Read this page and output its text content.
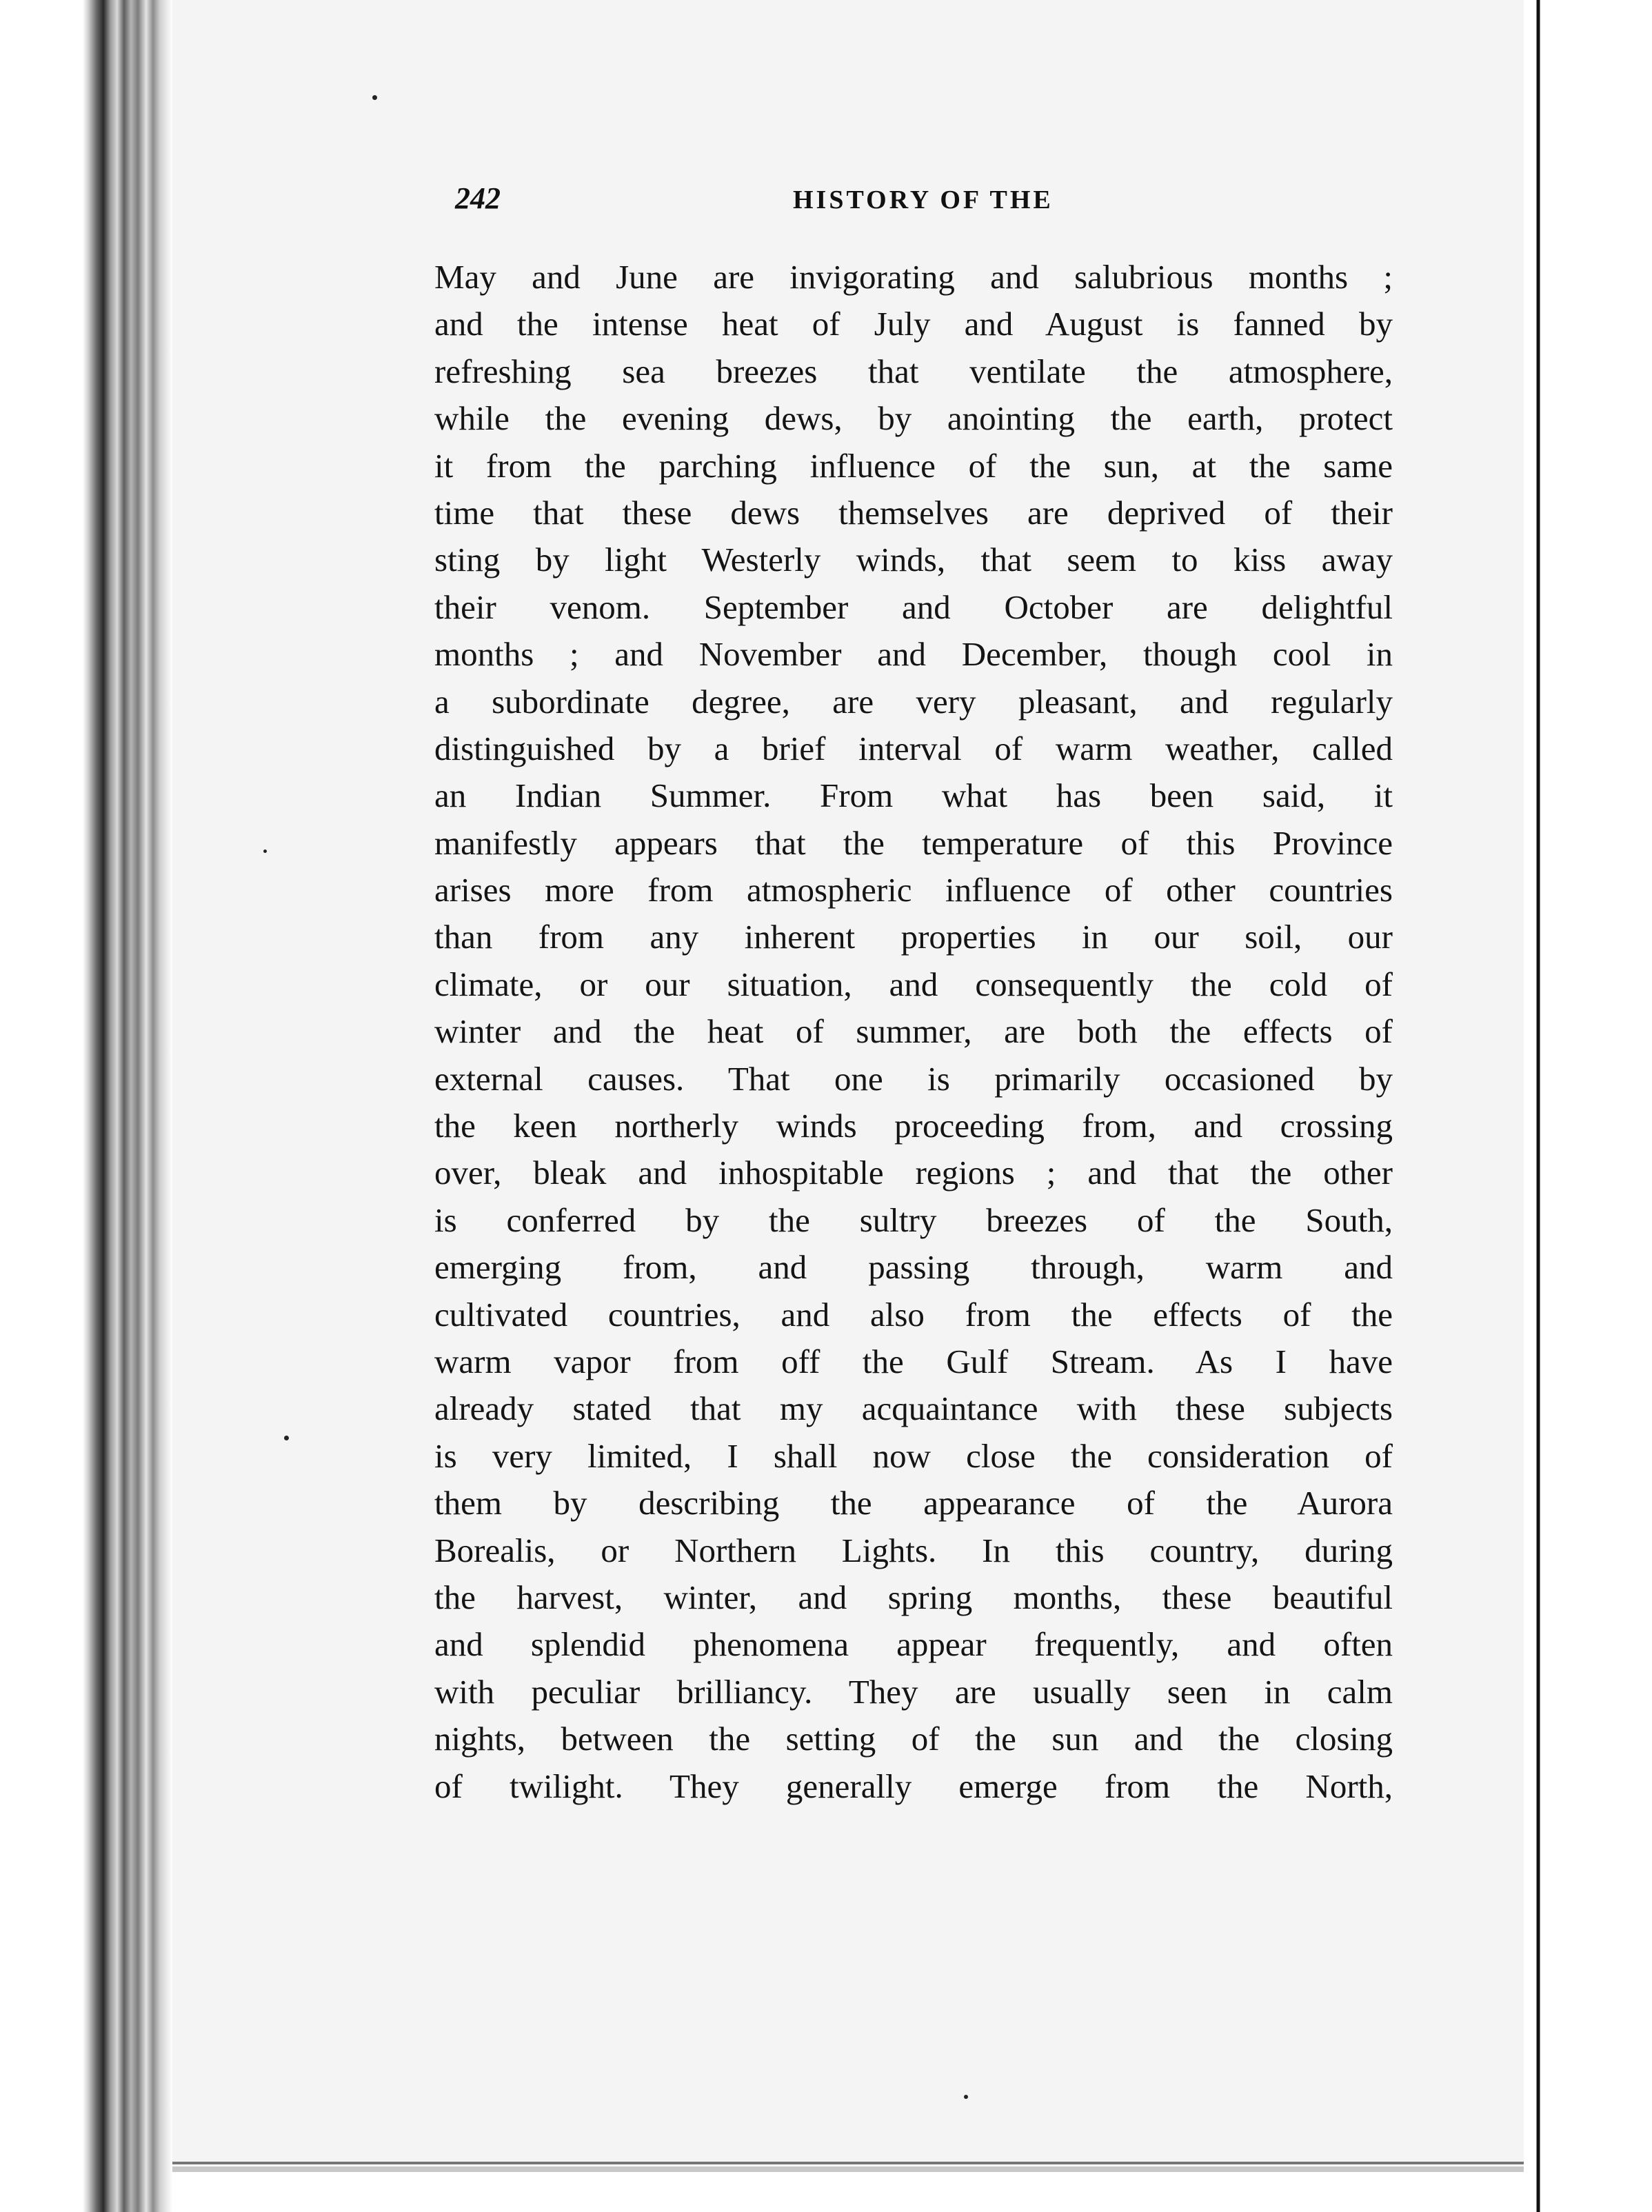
242	HISTORY OF THE
May and June are invigorating and salubrious months ;
and the intense heat of July and August is fanned by
refreshing sea breezes that ventilate the atmosphere,
while the evening dews, by anointing the earth, protect
it from the parching influence of the sun, at the same
time that these dews themselves are deprived of their
sting by light Westerly winds, that seem to kiss away
their venom. September and October are delightful
months ; and November and December, though cool in
a subordinate degree, are very pleasant, and regularly
distinguished by a brief interval of warm weather, called
an Indian Summer. From what has been said, it
manifestly appears that the temperature of this Province
arises more from atmospheric influence of other countries
than from any inherent properties in our soil, our
climate, or our situation, and consequently the cold of
winter and the heat of summer, are both the effects of
external causes. That one is primarily occasioned by
the keen northerly winds proceeding from, and crossing
over, bleak and inhospitable regions ; and that the other
is conferred by the sultry breezes of the South,
emerging from, and passing through, warm and
cultivated countries, and also from the effects of the
warm vapor from off the Gulf Stream. As I have
already stated that my acquaintance with these subjects
is very limited, I shall now close the consideration of
them by describing the appearance of the Aurora
Borealis, or Northern Lights. In this country, during
the harvest, winter, and spring months, these beautiful
and splendid phenomena appear frequently, and often
with peculiar brilliancy. They are usually seen in calm
nights, between the setting of the sun and the closing
of twilight. They generally emerge from the North,
